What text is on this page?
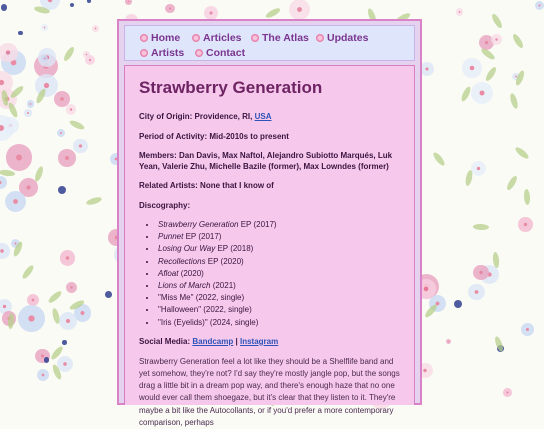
Home Articles The Atlas Updates
Artists Contact
Strawberry Generation

City of Origin: Providence, RI, USA

Period of Activity: Mid-2010s to present

Members: Dan Davis, Max Naftol, Alejandro Subiotto Marqués, Luk Yean, Valerie Zhu, Michelle Bazile (former), Max Lowndes (former)

Related Artists: None that I know of

Discography:

• Strawberry Generation EP (2017)
• Punnet EP (2017)
• Losing Our Way EP (2018)
• Recollections EP (2020)
• Afloat (2020)
• Lions of March (2021)
• "Miss Me" (2022, single)
• "Halloween" (2022, single)
• "Iris (Eyelids)" (2024, single)

Social Media: Bandcamp | Instagram

Strawberry Generation feel a lot like they should be a Shelflife band and yet somehow, they're not? I'd say they're mostly jangle pop, but the songs drag a little bit in a dream pop way, and there's enough haze that no one would ever call them shoegaze, but it's clear that they listen to it. They're maybe a bit like the Autocollants, or if you'd prefer a more contemporary comparison, perhaps
